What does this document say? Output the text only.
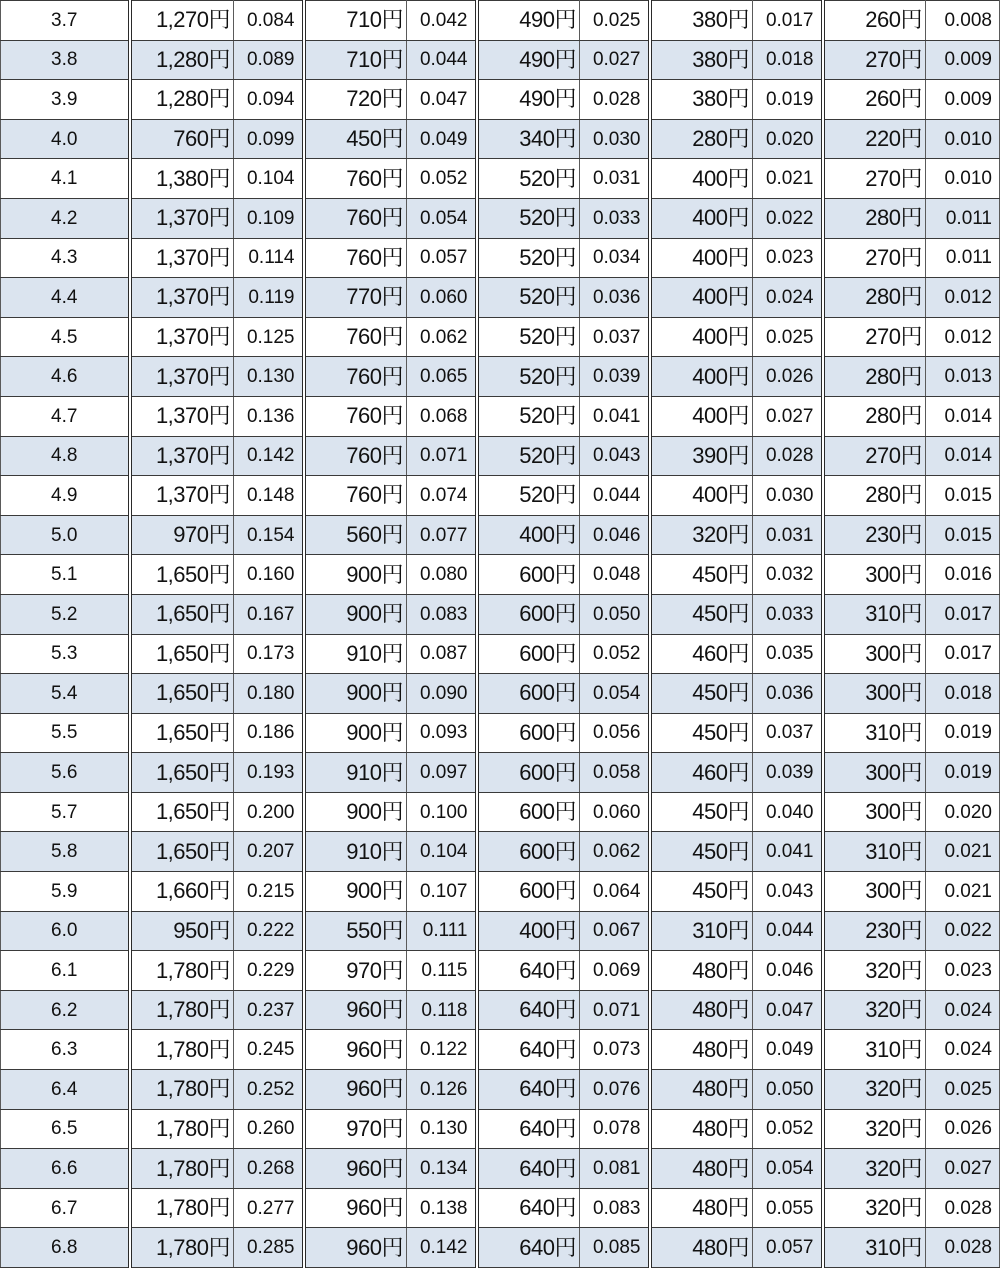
3.7	1,270円	0.084	710円	0.042	490円	0.025	380円	0.017	260円	0.008
3.8	1,280円	0.089	710円	0.044	490円	0.027	380円	0.018	270円	0.009
3.9	1,280円	0.094	720円	0.047	490円	0.028	380円	0.019	260円	0.009
4.0	760円	0.099	450円	0.049	340円	0.030	280円	0.020	220円	0.010
4.1	1,380円	0.104	760円	0.052	520円	0.031	400円	0.021	270円	0.010
4.2	1,370円	0.109	760円	0.054	520円	0.033	400円	0.022	280円	0.011
4.3	1,370円	0.114	760円	0.057	520円	0.034	400円	0.023	270円	0.011
4.4	1,370円	0.119	770円	0.060	520円	0.036	400円	0.024	280円	0.012
4.5	1,370円	0.125	760円	0.062	520円	0.037	400円	0.025	270円	0.012
4.6	1,370円	0.130	760円	0.065	520円	0.039	400円	0.026	280円	0.013
4.7	1,370円	0.136	760円	0.068	520円	0.041	400円	0.027	280円	0.014
4.8	1,370円	0.142	760円	0.071	520円	0.043	390円	0.028	270円	0.014
4.9	1,370円	0.148	760円	0.074	520円	0.044	400円	0.030	280円	0.015
5.0	970円	0.154	560円	0.077	400円	0.046	320円	0.031	230円	0.015
5.1	1,650円	0.160	900円	0.080	600円	0.048	450円	0.032	300円	0.016
5.2	1,650円	0.167	900円	0.083	600円	0.050	450円	0.033	310円	0.017
5.3	1,650円	0.173	910円	0.087	600円	0.052	460円	0.035	300円	0.017
5.4	1,650円	0.180	900円	0.090	600円	0.054	450円	0.036	300円	0.018
5.5	1,650円	0.186	900円	0.093	600円	0.056	450円	0.037	310円	0.019
5.6	1,650円	0.193	910円	0.097	600円	0.058	460円	0.039	300円	0.019
5.7	1,650円	0.200	900円	0.100	600円	0.060	450円	0.040	300円	0.020
5.8	1,650円	0.207	910円	0.104	600円	0.062	450円	0.041	310円	0.021
5.9	1,660円	0.215	900円	0.107	600円	0.064	450円	0.043	300円	0.021
6.0	950円	0.222	550円	0.111	400円	0.067	310円	0.044	230円	0.022
6.1	1,780円	0.229	970円	0.115	640円	0.069	480円	0.046	320円	0.023
6.2	1,780円	0.237	960円	0.118	640円	0.071	480円	0.047	320円	0.024
6.3	1,780円	0.245	960円	0.122	640円	0.073	480円	0.049	310円	0.024
6.4	1,780円	0.252	960円	0.126	640円	0.076	480円	0.050	320円	0.025
6.5	1,780円	0.260	970円	0.130	640円	0.078	480円	0.052	320円	0.026
6.6	1,780円	0.268	960円	0.134	640円	0.081	480円	0.054	320円	0.027
6.7	1,780円	0.277	960円	0.138	640円	0.083	480円	0.055	320円	0.028
6.8	1,780円	0.285	960円	0.142	640円	0.085	480円	0.057	310円	0.028
